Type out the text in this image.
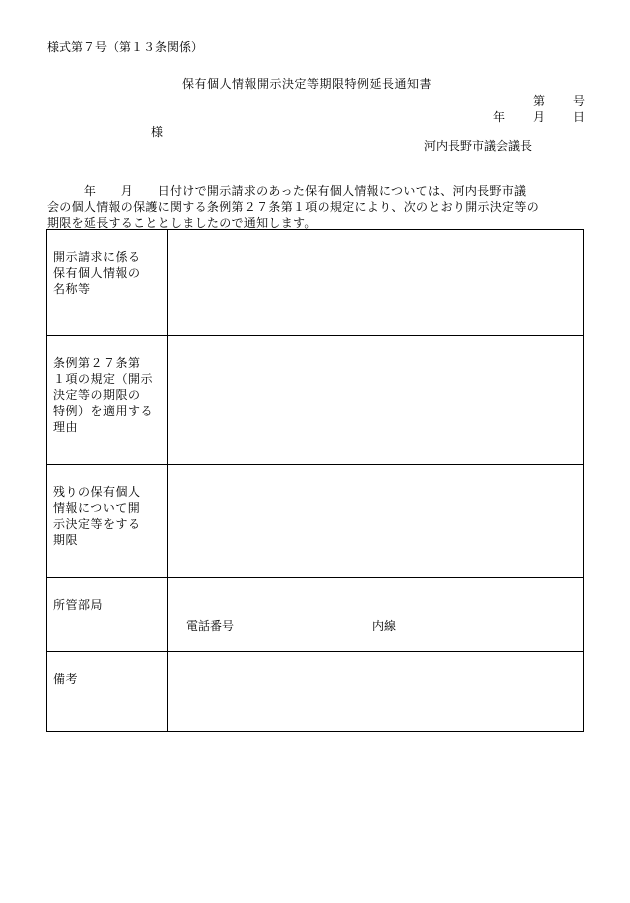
様式第７号（第１３条関係）
保有個人情報開示決定等期限特例延長通知書
第 号
年 月 日
様
河内長野市議会議長
　　　年　　月　　日付けで開示請求のあった保有個人情報については、河内長野市議
会の個人情報の保護に関する条例第２７条第１項の規定により、次のとおり開示決定等の
期限を延長することとしましたので通知します。
開示請求に係る
保有個人情報の
名称等	

条例第２７条第
１項の規定（開示
決定等の期限の
特例）を適用する
理由	

残りの保有個人
情報について開
示決定等をする
期限	

所管部局	電話番号 内線

備考	
